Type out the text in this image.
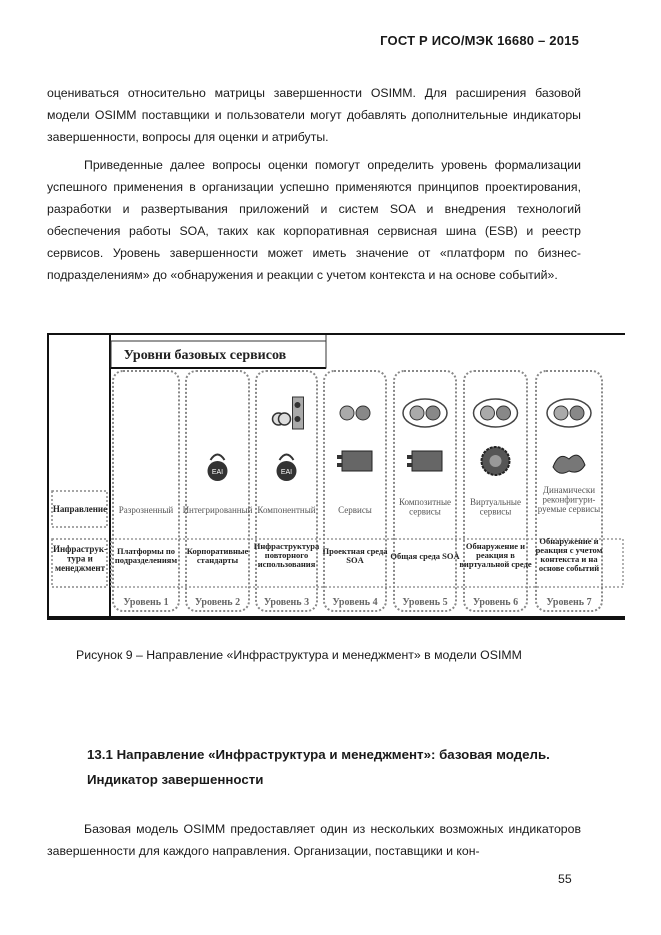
ГОСТ Р ИСО/МЭК 16680 – 2015

оцениваться относительно матрицы завершенности OSIMM. Для расширения базовой модели OSIMM поставщики и пользователи могут добавлять дополнительные индикаторы завершенности, вопросы для оценки и атрибуты.

Приведенные далее вопросы оценки помогут определить уровень формализации успешного применения в организации успешно применяются принципов проектирования, разработки и развертывания приложений и систем SOA и внедрения технологий обеспечения работы SOA, таких как корпоративная сервисная шина (ESB) и реестр сервисов. Уровень завершенности может иметь значение от «платформ по бизнес-подразделениям» до «обнаружения и реакции с учетом контекста и на основе событий».

Уровни базовых сервисов
Направление
Инфраструк-тура и менеджмент
Разрозненный
Платформы по подразделениям
Уровень 1
EAI
Интегрированный
Корпоративные стандарты
Уровень 2
EAI
Компонентный
Инфраструктура повторного использования
Уровень 3
Сервисы
Проектная среда SOA
Уровень 4
Композитные сервисы
Общая среда SOA
Уровень 5
Виртуальные сервисы
Обнаружение и реакция в виртуальной среде
Уровень 6
Динамически реконфигури-руемые сервисы
Обнаружение и реакция с учетом контекста и на основе событий
Уровень 7
Рисунок 9 – Направление «Инфраструктура и менеджмент» в модели OSIMM

13.1 Направление «Инфраструктура и менеджмент»: базовая модель. Индикатор завершенности

Базовая модель OSIMM предоставляет один из нескольких возможных индикаторов завершенности для каждого направления. Организации, поставщики и кон-

55
